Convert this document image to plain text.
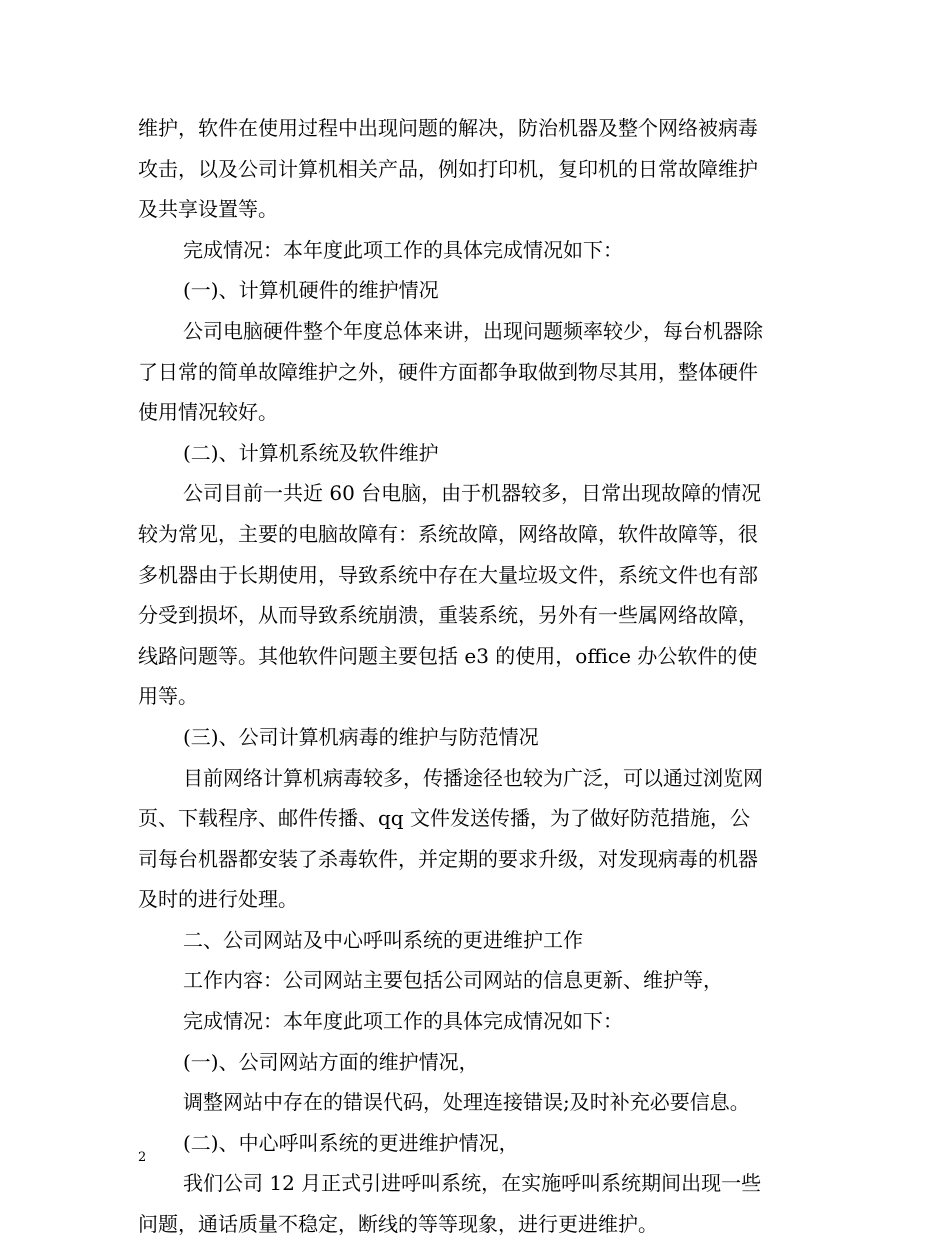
维护，软件在使用过程中出现问题的解决，防治机器及整个网络被病毒
攻击，以及公司计算机相关产品，例如打印机，复印机的日常故障维护
及共享设置等。
完成情况：本年度此项工作的具体完成情况如下：
(一)、计算机硬件的维护情况
公司电脑硬件整个年度总体来讲，出现问题频率较少，每台机器除
了日常的简单故障维护之外，硬件方面都争取做到物尽其用，整体硬件
使用情况较好。
(二)、计算机系统及软件维护
公司目前一共近 60 台电脑，由于机器较多，日常出现故障的情况
较为常见，主要的电脑故障有：系统故障，网络故障，软件故障等，很
多机器由于长期使用，导致系统中存在大量垃圾文件，系统文件也有部
分受到损坏，从而导致系统崩溃，重装系统，另外有一些属网络故障，
线路问题等。其他软件问题主要包括 e3 的使用，office 办公软件的使
用等。
(三)、公司计算机病毒的维护与防范情况
目前网络计算机病毒较多，传播途径也较为广泛，可以通过浏览网
页、下载程序、邮件传播、qq 文件发送传播，为了做好防范措施，公
司每台机器都安装了杀毒软件，并定期的要求升级，对发现病毒的机器
及时的进行处理。
二、公司网站及中心呼叫系统的更进维护工作
工作内容：公司网站主要包括公司网站的信息更新、维护等，
完成情况：本年度此项工作的具体完成情况如下：
(一)、公司网站方面的维护情况，
调整网站中存在的错误代码，处理连接错误;及时补充必要信息。
(二)、中心呼叫系统的更进维护情况，
我们公司 12 月正式引进呼叫系统，在实施呼叫系统期间出现一些
问题，通话质量不稳定，断线的等等现象，进行更进维护。
2
